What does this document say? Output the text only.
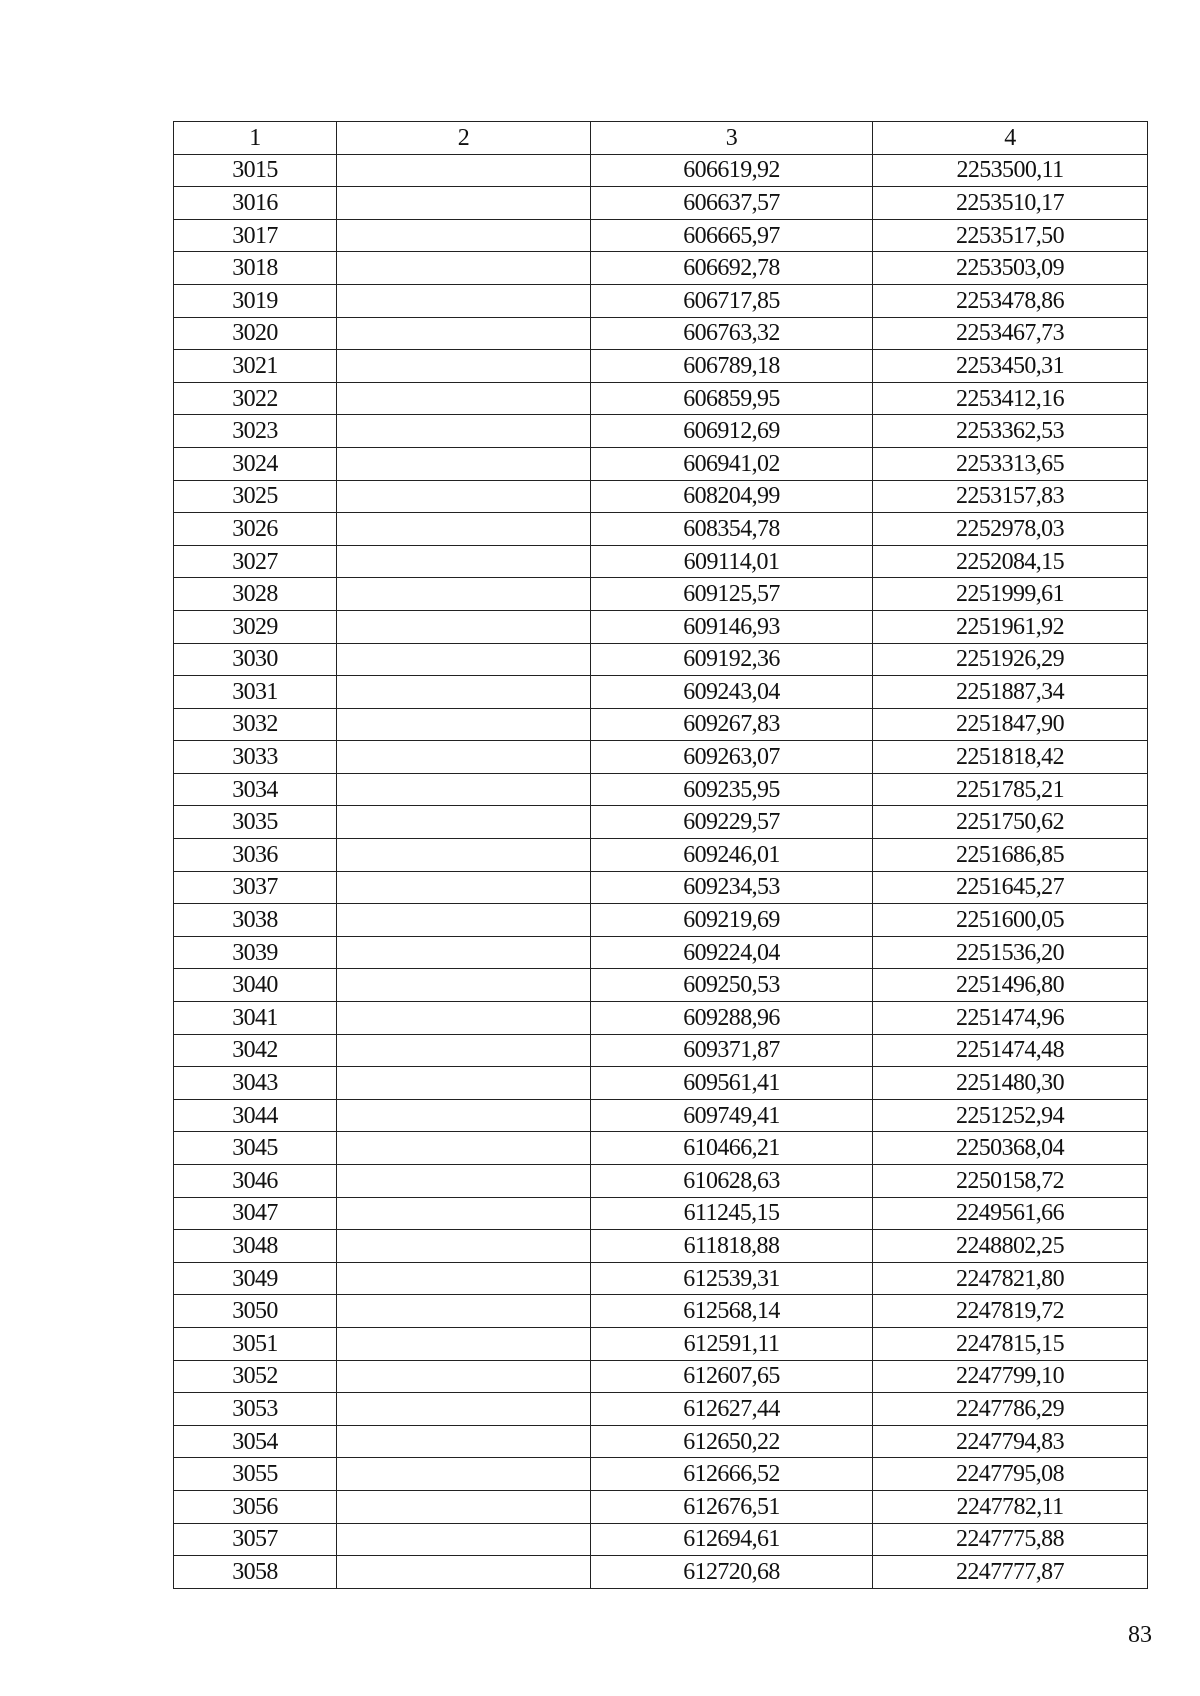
1	2	3	4
3015		606619,92	2253500,11
3016		606637,57	2253510,17
3017		606665,97	2253517,50
3018		606692,78	2253503,09
3019		606717,85	2253478,86
3020		606763,32	2253467,73
3021		606789,18	2253450,31
3022		606859,95	2253412,16
3023		606912,69	2253362,53
3024		606941,02	2253313,65
3025		608204,99	2253157,83
3026		608354,78	2252978,03
3027		609114,01	2252084,15
3028		609125,57	2251999,61
3029		609146,93	2251961,92
3030		609192,36	2251926,29
3031		609243,04	2251887,34
3032		609267,83	2251847,90
3033		609263,07	2251818,42
3034		609235,95	2251785,21
3035		609229,57	2251750,62
3036		609246,01	2251686,85
3037		609234,53	2251645,27
3038		609219,69	2251600,05
3039		609224,04	2251536,20
3040		609250,53	2251496,80
3041		609288,96	2251474,96
3042		609371,87	2251474,48
3043		609561,41	2251480,30
3044		609749,41	2251252,94
3045		610466,21	2250368,04
3046		610628,63	2250158,72
3047		611245,15	2249561,66
3048		611818,88	2248802,25
3049		612539,31	2247821,80
3050		612568,14	2247819,72
3051		612591,11	2247815,15
3052		612607,65	2247799,10
3053		612627,44	2247786,29
3054		612650,22	2247794,83
3055		612666,52	2247795,08
3056		612676,51	2247782,11
3057		612694,61	2247775,88
3058		612720,68	2247777,87
83
